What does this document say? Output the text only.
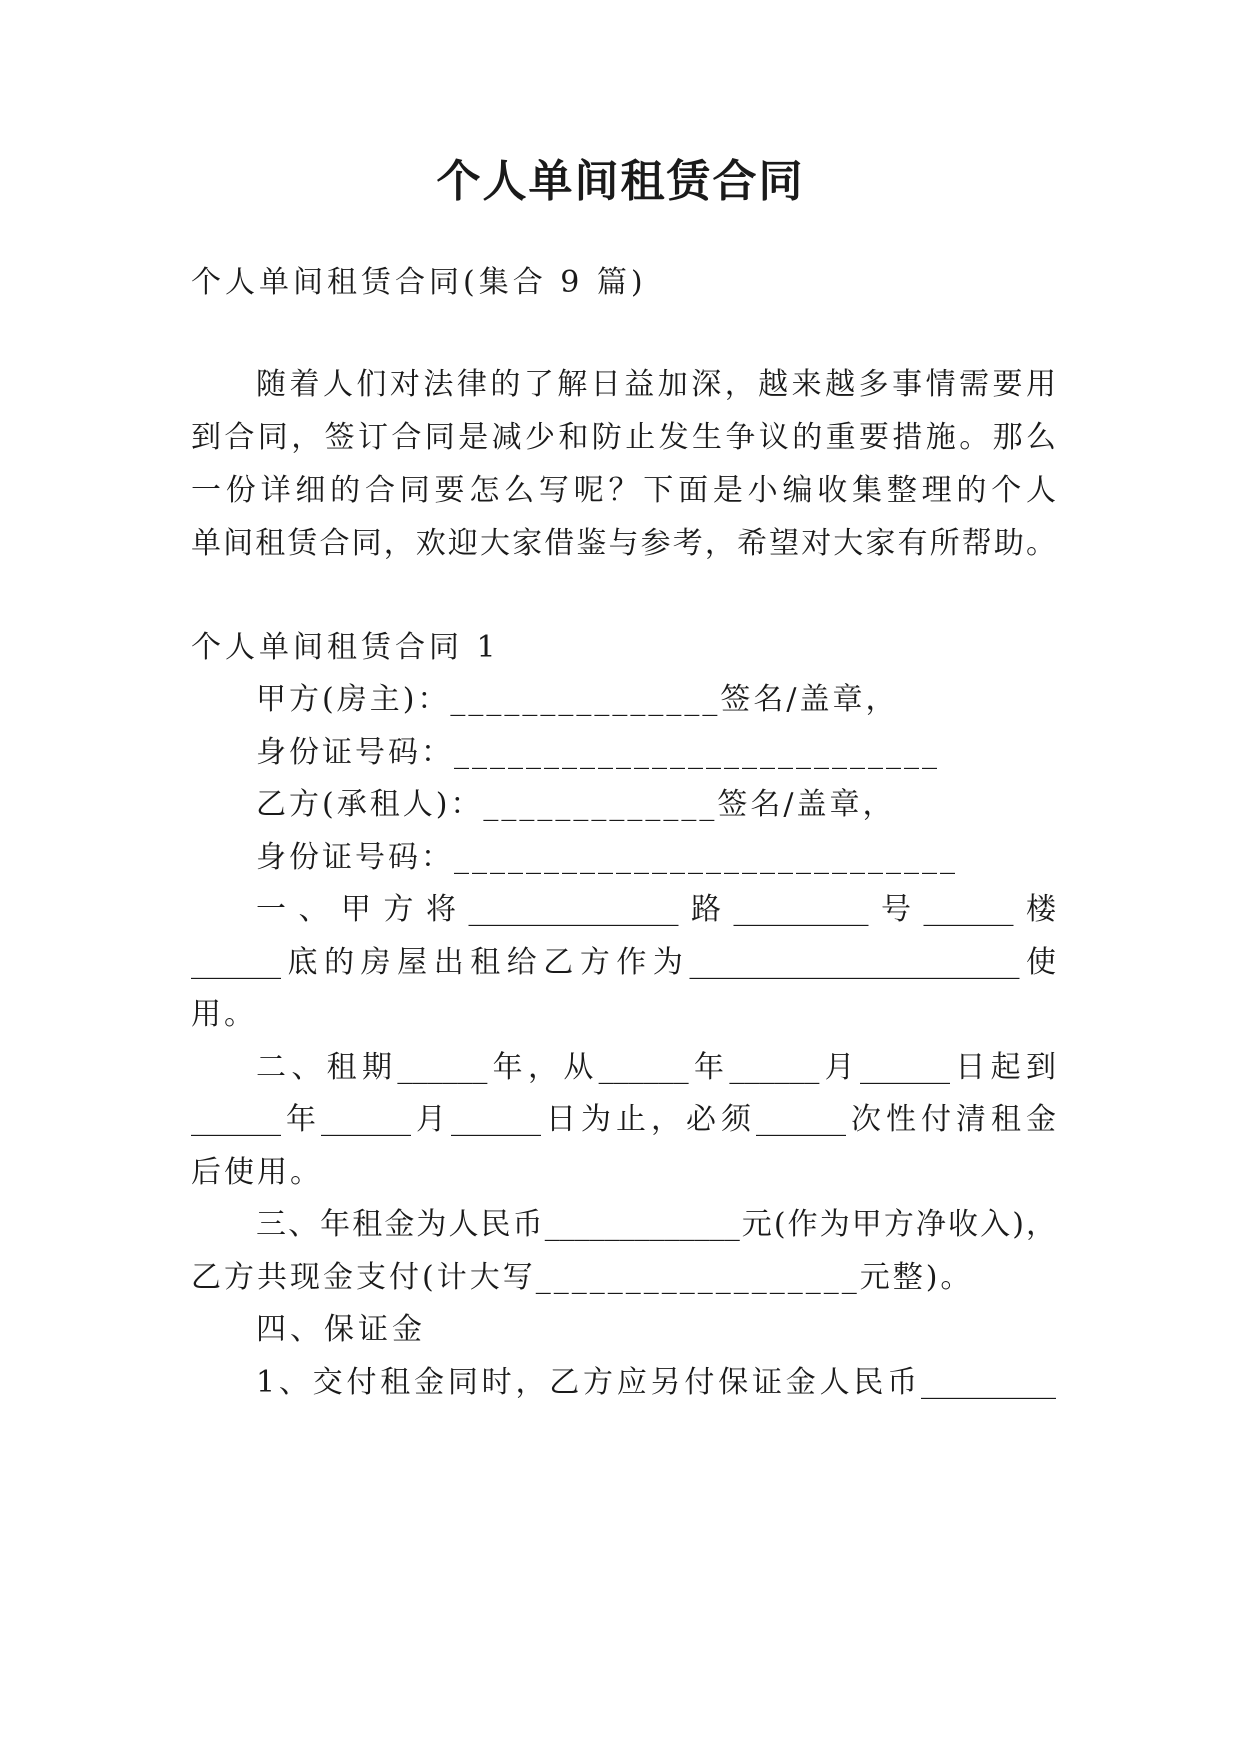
个人单间租赁合同
个人单间租赁合同(集合 9 篇)
随着人们对法律的了解日益加深，越来越多事情需要用
到合同，签订合同是减少和防止发生争议的重要措施。那么
一份详细的合同要怎么写呢？下面是小编收集整理的个人
单间租赁合同，欢迎大家借鉴与参考，希望对大家有所帮助。
个人单间租赁合同 1
甲方(房主)：_______________签名/盖章，
身份证号码：___________________________
乙方(承租人)：_____________签名/盖章，
身份证号码：____________________________
一、甲方将______________路_________号______楼
______底的房屋出租给乙方作为______________________使
用。
二、租期______年，从______年______月______日起到
______年______月______日为止，必须______次性付清租金
后使用。
三、年租金为人民币_____________元(作为甲方净收入)，
乙方共现金支付(计大写__________________元整)。
四、保证金
1、交付租金同时，乙方应另付保证金人民币_________
